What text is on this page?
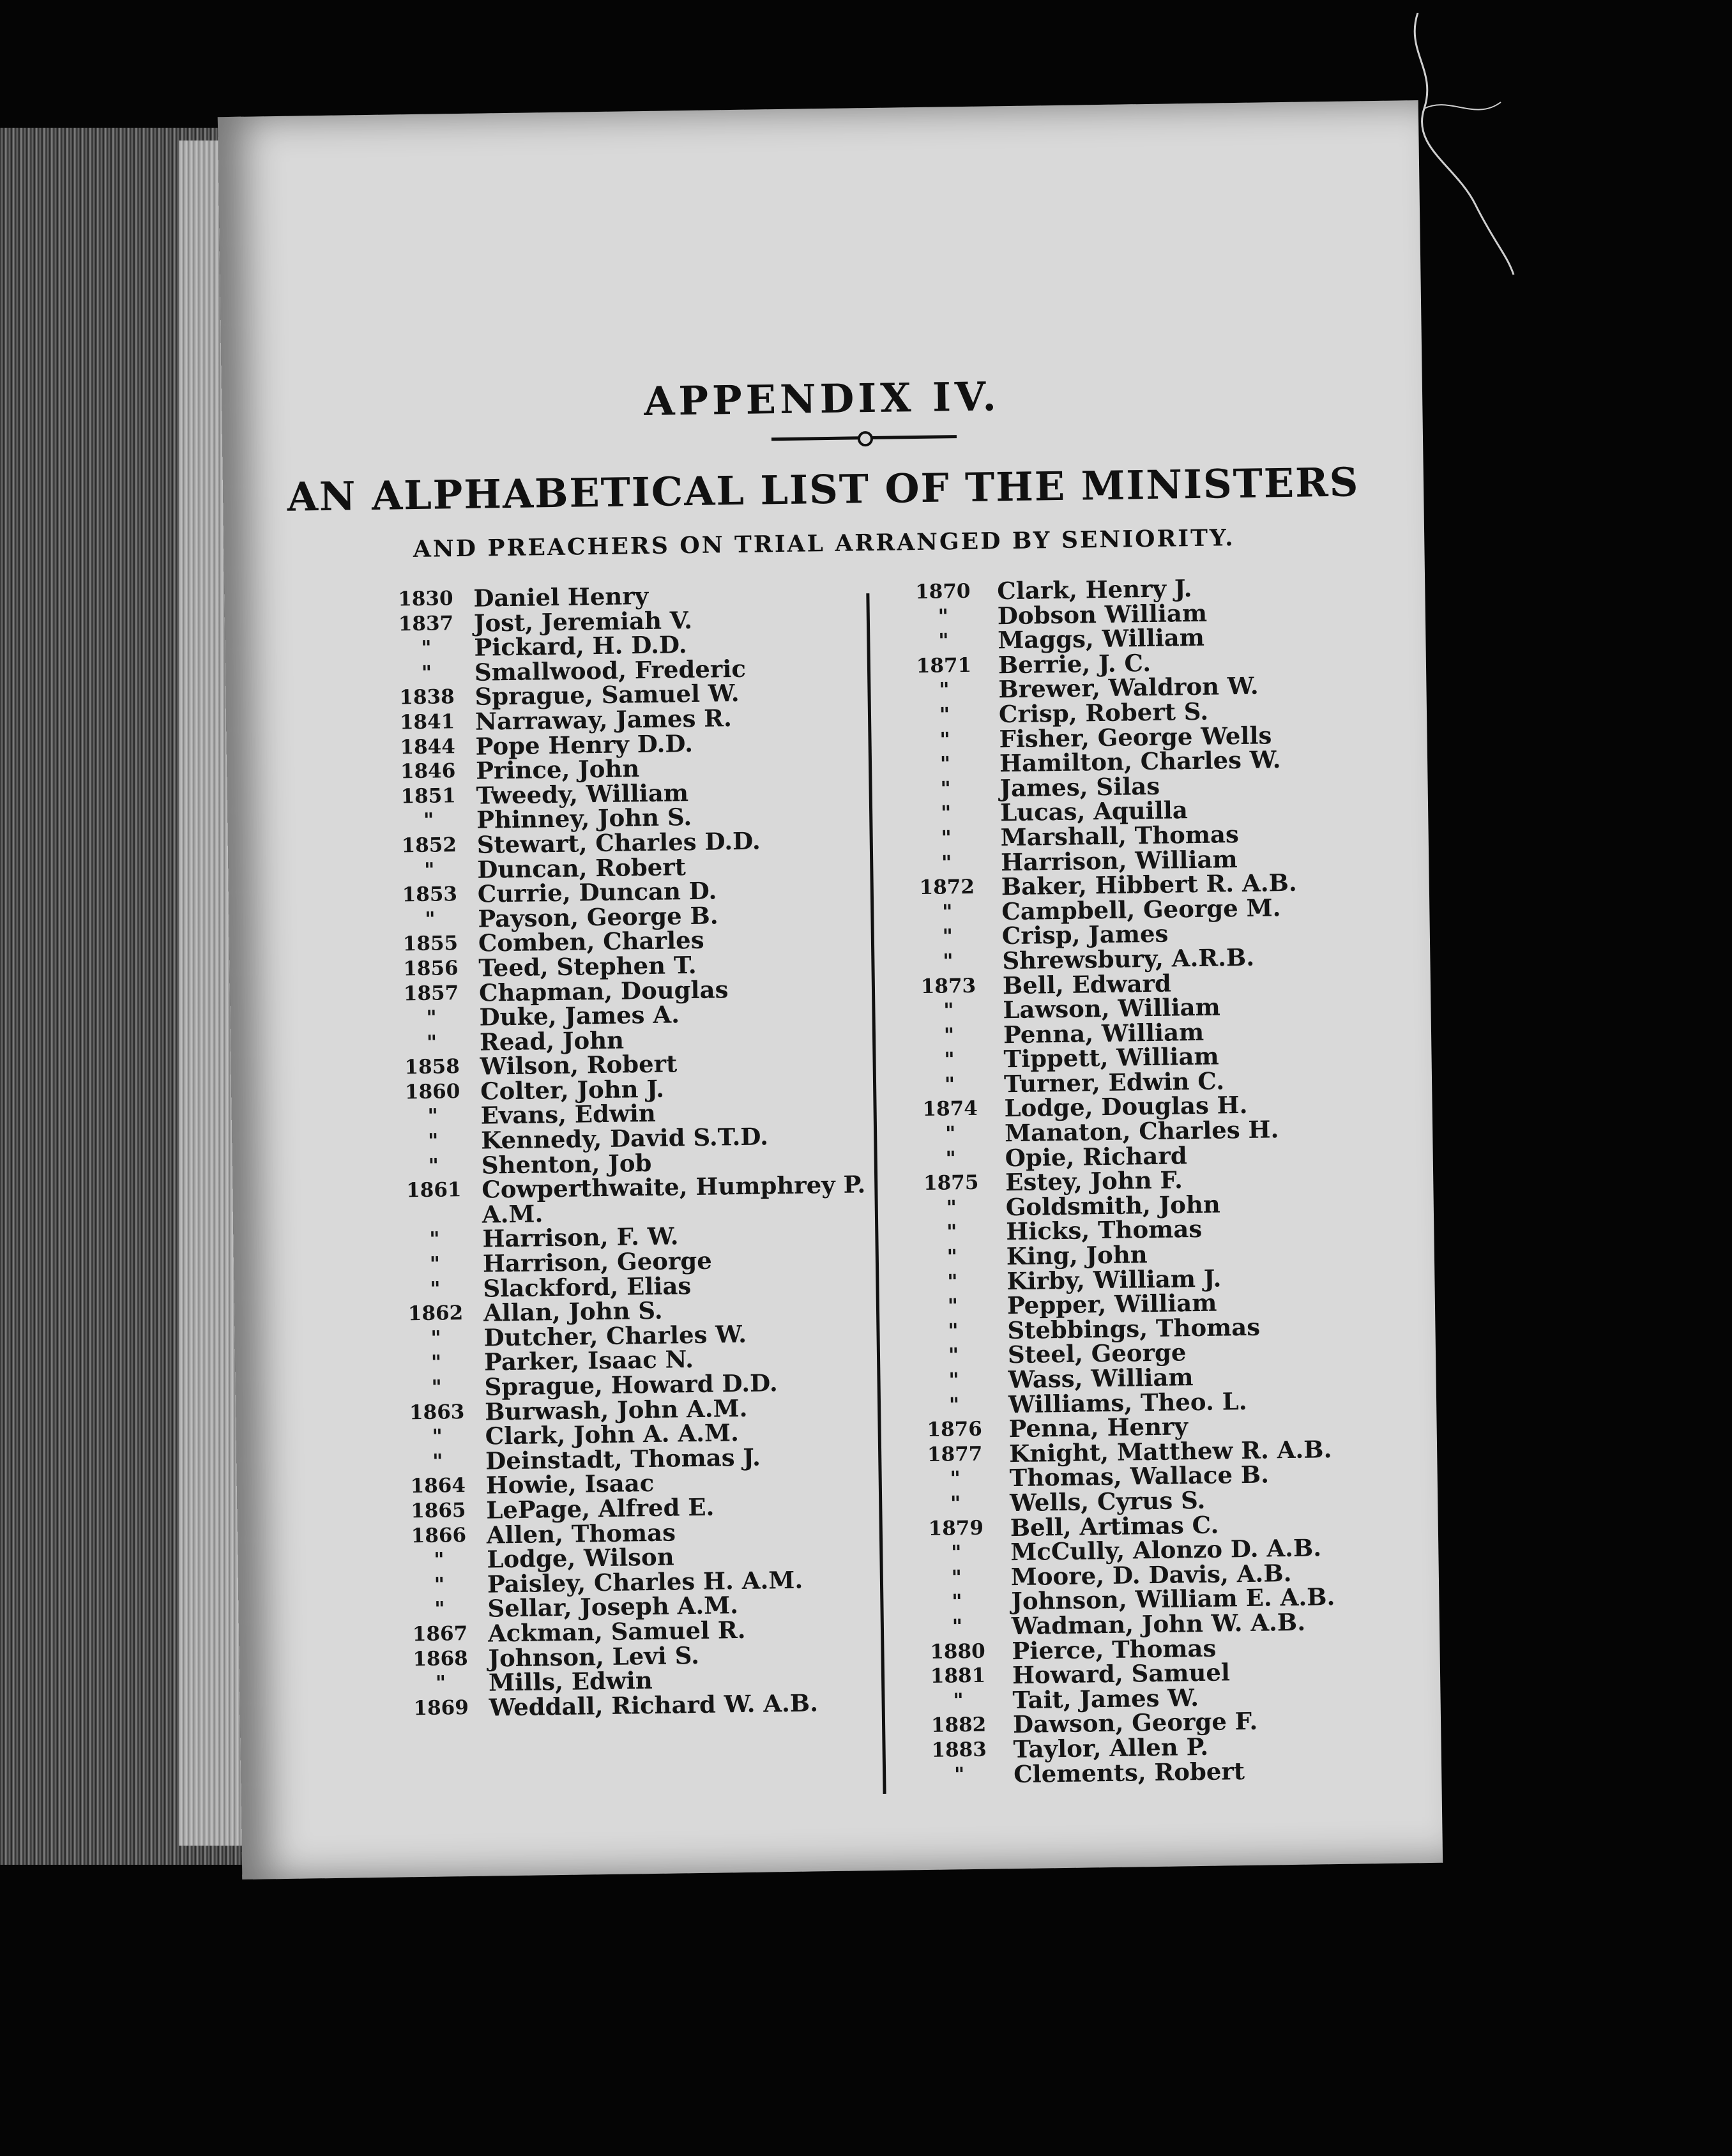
APPENDIX IV.
AN ALPHABETICAL LIST OF THE MINISTERS
AND PREACHERS ON TRIAL ARRANGED BY SENIORITY.
1830 Daniel Henry
1837 Jost, Jeremiah V.
"	Pickard, H. D.D.
"	Smallwood, Frederic
1838 Sprague, Samuel W.
1841 Narraway, James R.
1844 Pope Henry D.D.
1846 Prince, John
1851 Tweedy, William
"	Phinney, John S.
1852 Stewart, Charles D.D.
"	Duncan, Robert
1853 Currie, Duncan D.
"	Payson, George B.
1855 Comben, Charles
1856 Teed, Stephen T.
1857 Chapman, Douglas
"	Duke, James A.
"	Read, John
1858 Wilson, Robert
1860 Colter, John J.
"	Evans, Edwin
"	Kennedy, David S.T.D.
"	Shenton, Job
1861 Cowperthwaite, Humphrey P.
A.M.
"	Harrison, F. W.
"	Harrison, George
"	Slackford, Elias
1862 Allan, John S.
"	Dutcher, Charles W.
"	Parker, Isaac N.
"	Sprague, Howard D.D.
1863 Burwash, John A.M.
"	Clark, John A. A.M.
"	Deinstadt, Thomas J.
1864 Howie, Isaac
1865 LePage, Alfred E.
1866 Allen, Thomas
"	Lodge, Wilson
"	Paisley, Charles H. A.M.
"	Sellar, Joseph A.M.
1867 Ackman, Samuel R.
1868 Johnson, Levi S.
"	Mills, Edwin
1869 Weddall, Richard W. A.B.
1870	Clark, Henry J.
"	Dobson William
"	Maggs, William
1871	Berrie, J. C.
"	Brewer, Waldron W.
"	Crisp, Robert S.
"	Fisher, George Wells
"	Hamilton, Charles W.
"	James, Silas
"	Lucas, Aquilla
"	Marshall, Thomas
"	Harrison, William
1872	Baker, Hibbert R. A.B.
"	Campbell, George M.
"	Crisp, James
"	Shrewsbury, A.R.B.
1873	Bell, Edward
"	Lawson, William
"	Penna, William
"	Tippett, William
"	Turner, Edwin C.
1874	Lodge, Douglas H.
"	Manaton, Charles H.
"	Opie, Richard
1875	Estey, John F.
"	Goldsmith, John
"	Hicks, Thomas
"	King, John
"	Kirby, William J.
"	Pepper, William
"	Stebbings, Thomas
"	Steel, George
"	Wass, William
"	Williams, Theo. L.
1876	Penna, Henry
1877	Knight, Matthew R. A.B.
"	Thomas, Wallace B.
"	Wells, Cyrus S.
1879	Bell, Artimas C.
"	McCully, Alonzo D. A.B.
"	Moore, D. Davis, A.B.
"	Johnson, William E. A.B.
"	Wadman, John W. A.B.
1880	Pierce, Thomas
1881	Howard, Samuel
"	Tait, James W.
1882	Dawson, George F.
1883	Taylor, Allen P.
"	Clements, Robert
